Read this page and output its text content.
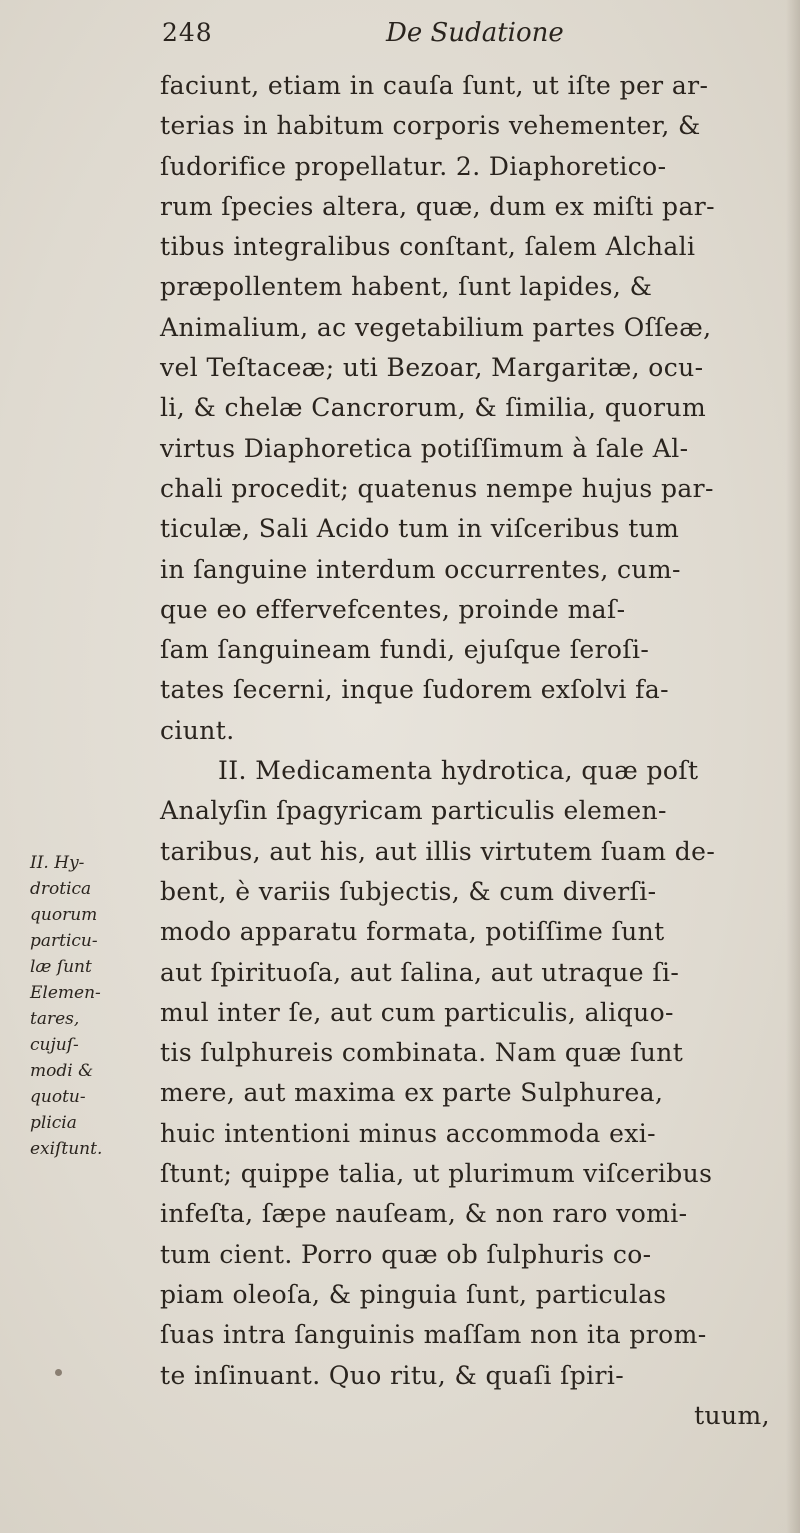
248	De Sudatione
II. Hy-
drotica
quorum
particu-
læ ſunt
Elemen-
tares,
cujuſ-
modi &
quotu-
plicia
exiſtunt.
faciunt, etiam in cauſa ſunt, ut iſte per ar-
terias in habitum corporis vehementer, &
ſudorifice propellatur. 2. Diaphoretico-
rum ſpecies altera, quæ, dum ex miſti par-
tibus integralibus conſtant, ſalem Alchali
præpollentem habent, ſunt lapides, &
Animalium, ac vegetabilium partes Oſſeæ,
vel Teſtaceæ; uti Bezoar, Margaritæ, ocu-
li, & chelæ Cancrorum, & ſimilia, quorum
virtus Diaphoretica potiſſimum à ſale Al-
chali procedit; quatenus nempe hujus par-
ticulæ, Sali Acido tum in viſceribus tum
in ſanguine interdum occurrentes, cum-
que eo effervefcentes, proinde maſ-
ſam ſanguineam fundi, ejuſque ſeroſi-
tates ſecerni, inque ſudorem exſolvi fa-
ciunt.
II. Medicamenta hydrotica, quæ poſt
Analyſin ſpagyricam particulis elemen-
taribus, aut his, aut illis virtutem ſuam de-
bent, è variis ſubjectis, & cum diverſi-
modo apparatu formata, potiſſime ſunt
aut ſpirituoſa, aut ſalina, aut utraque ſi-
mul inter ſe, aut cum particulis, aliquo-
tis ſulphureis combinata. Nam quæ ſunt
mere, aut maxima ex parte Sulphurea,
huic intentioni minus accommoda exi-
ſtunt; quippe talia, ut plurimum viſceribus
infeſta, ſæpe nauſeam, & non raro vomi-
tum cient. Porro quæ ob ſulphuris co-
piam oleoſa, & pinguia ſunt, particulas
ſuas intra ſanguinis maſſam non ita prom-
te inſinuant. Quo ritu, & quaſi ſpiri-
tuum,
